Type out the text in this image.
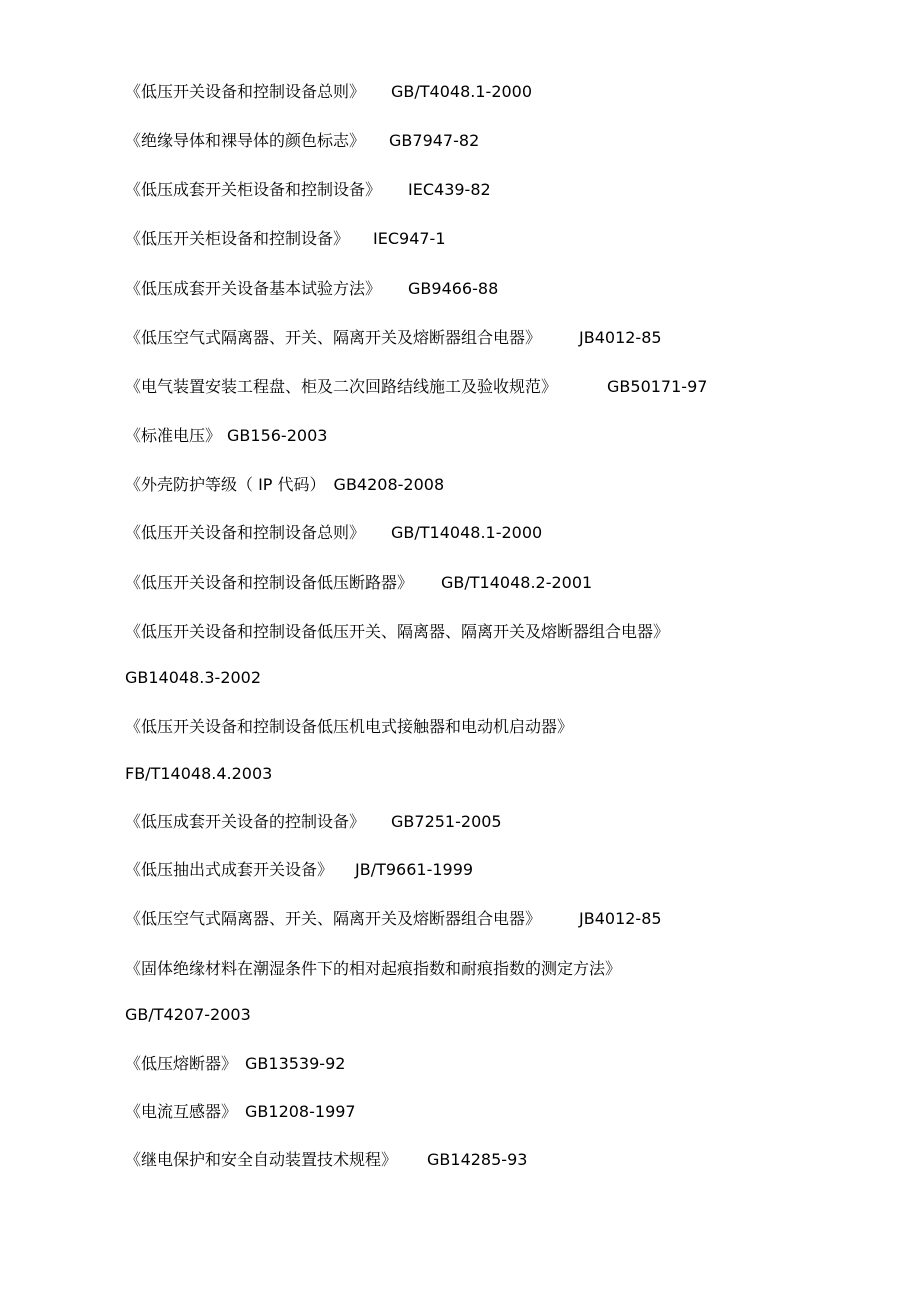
《低压开关设备和控制设备总则》 GB/T4048.1-2000
《绝缘导体和裸导体的颜色标志》 GB7947-82
《低压成套开关柜设备和控制设备》 IEC439-82
《低压开关柜设备和控制设备》 IEC947-1
《低压成套开关设备基本试验方法》 GB9466-88
《低压空气式隔离器、开关、隔离开关及熔断器组合电器》 JB4012-85
《电气装置安装工程盘、柜及二次回路结线施工及验收规范》	GB50171-97
《标准电压》 GB156-2003
《外壳防护等级（ IP 代码） GB4208-2008
《低压开关设备和控制设备总则》 GB/T14048.1-2000
《低压开关设备和控制设备低压断路器》 GB/T14048.2-2001
《低压开关设备和控制设备低压开关、隔离器、隔离开关及熔断器组合电器》
GB14048.3-2002
《低压开关设备和控制设备低压机电式接触器和电动机启动器》
FB/T14048.4.2003
《低压成套开关设备的控制设备》 GB7251-2005
《低压抽出式成套开关设备》 JB/T9661-1999
《低压空气式隔离器、开关、隔离开关及熔断器组合电器》 JB4012-85
《固体绝缘材料在潮湿条件下的相对起痕指数和耐痕指数的测定方法》
GB/T4207-2003
《低压熔断器》 GB13539-92
《电流互感器》 GB1208-1997
《继电保护和安全自动装置技术规程》 GB14285-93
